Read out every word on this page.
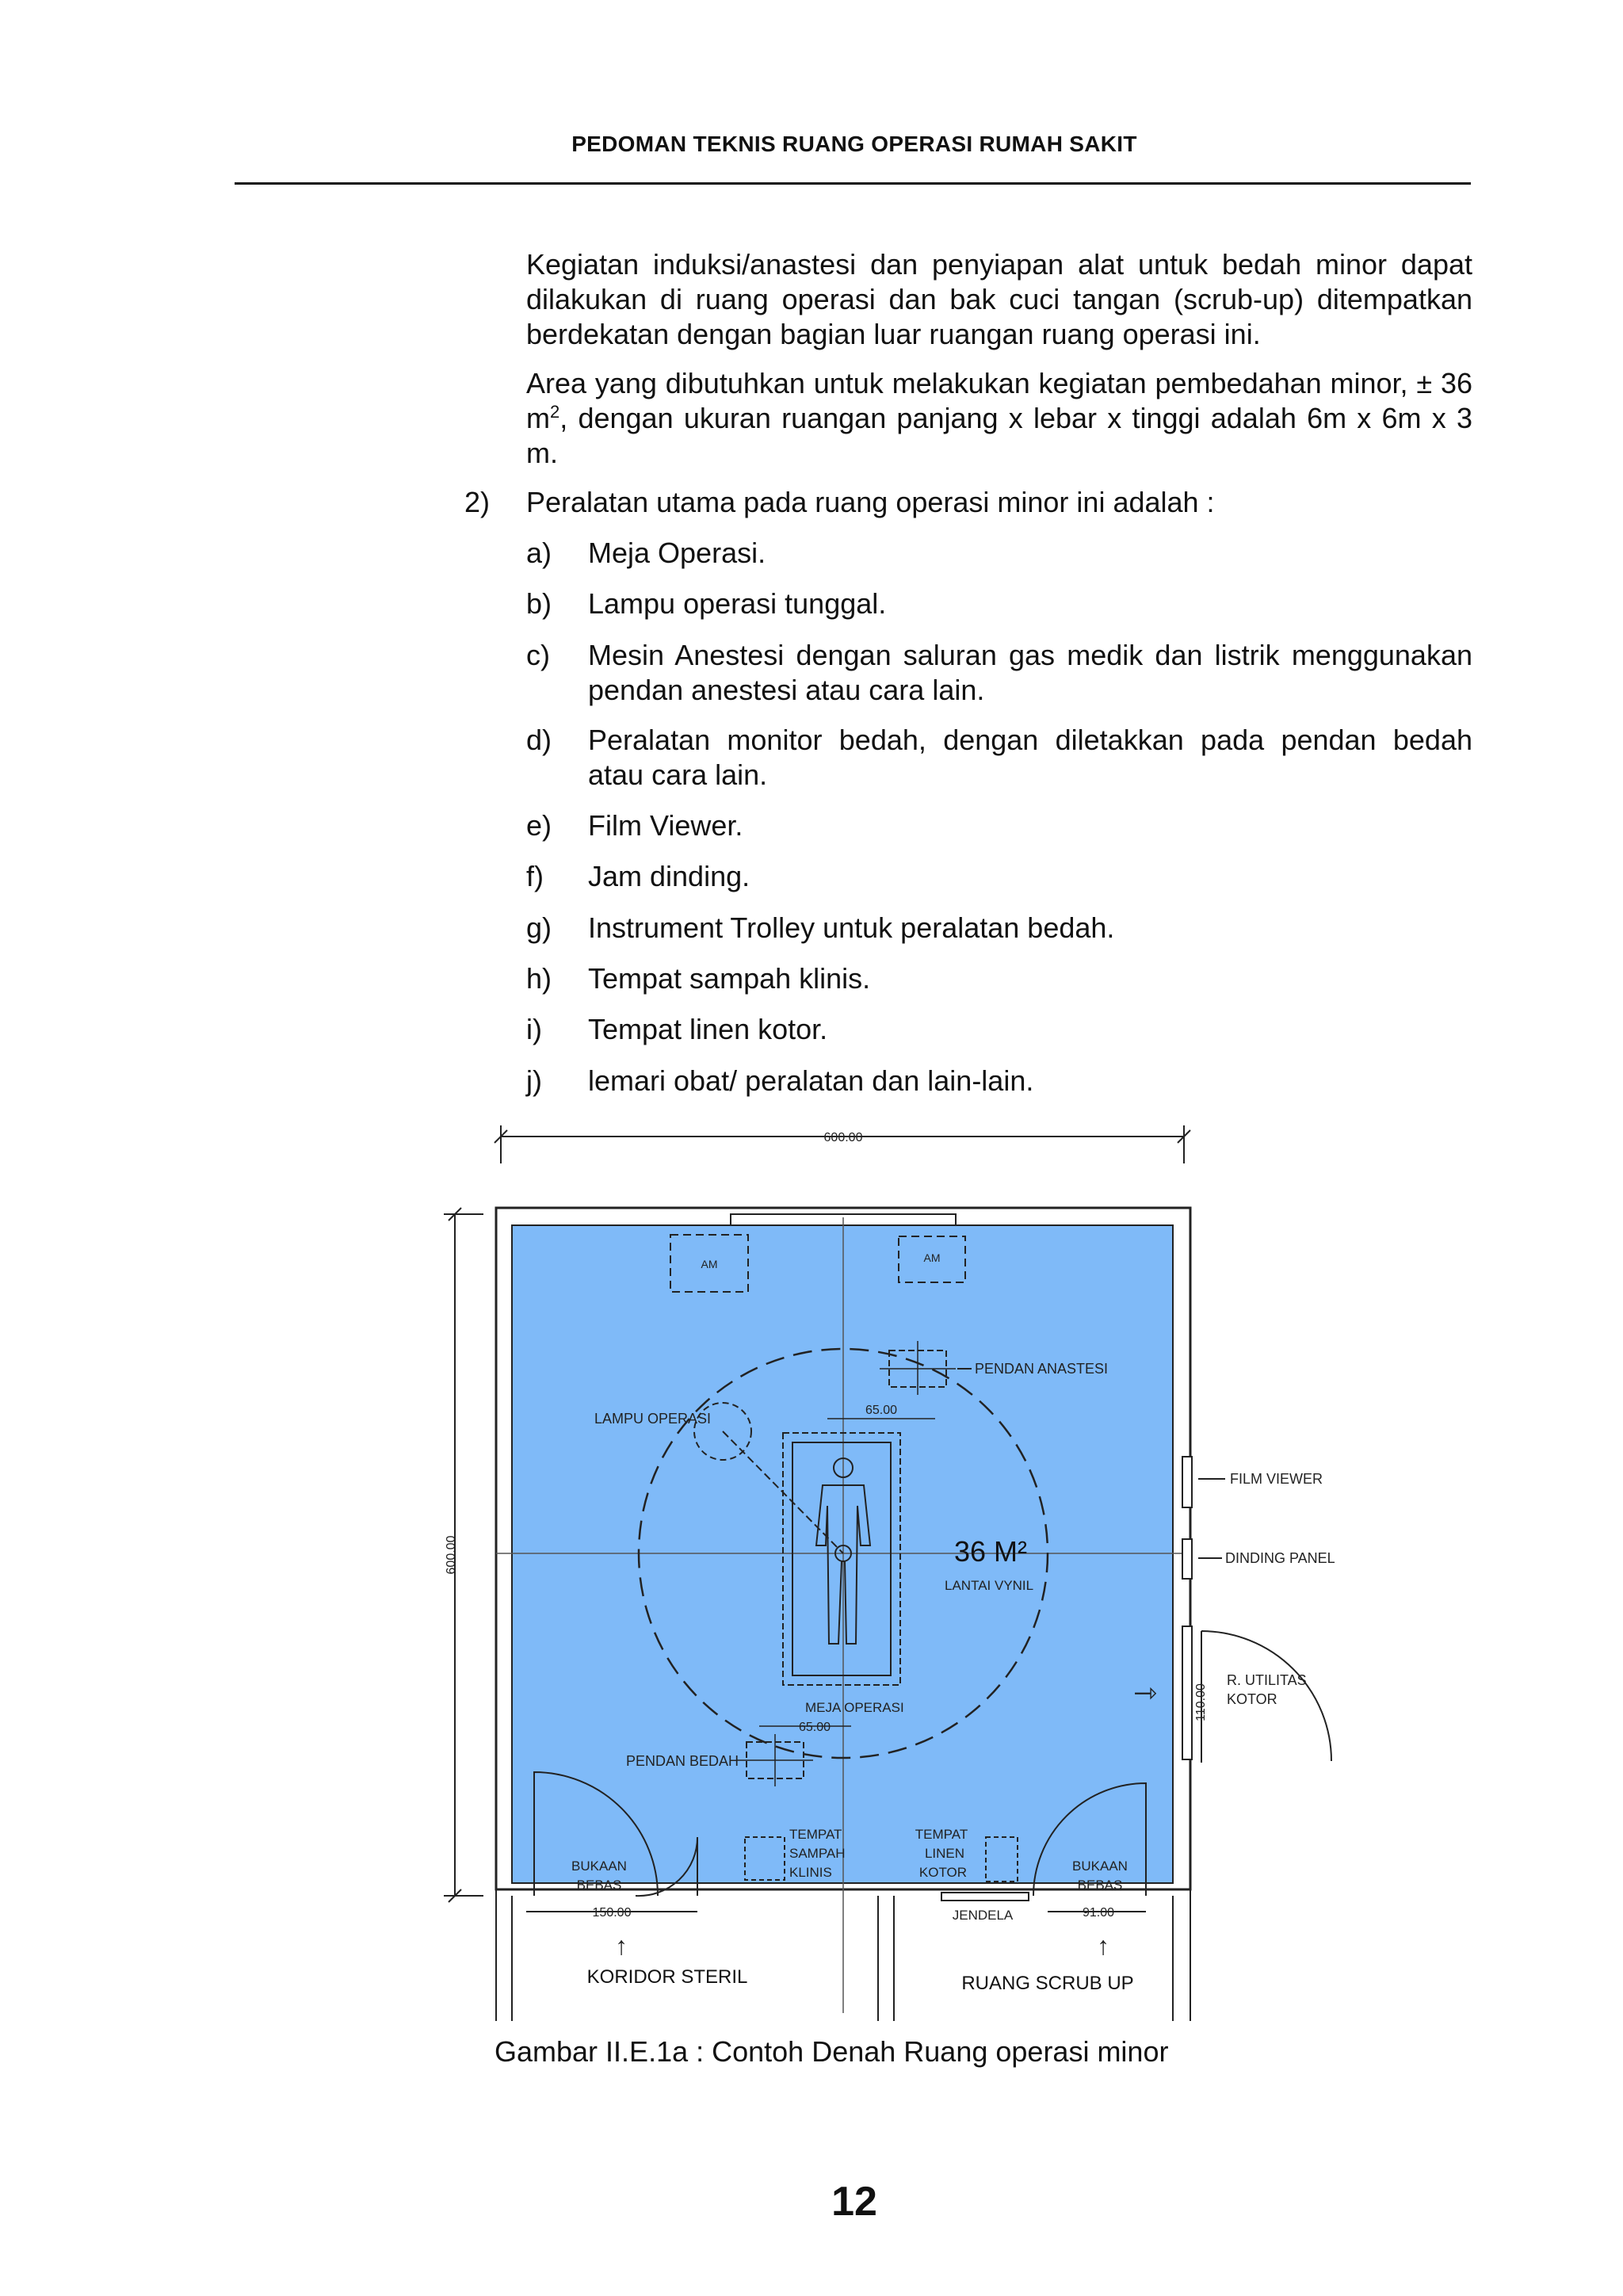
PEDOMAN TEKNIS RUANG OPERASI RUMAH SAKIT
Kegiatan induksi/anastesi dan penyiapan alat untuk bedah minor dapat dilakukan di ruang operasi dan bak cuci tangan (scrub-up) ditempatkan berdekatan dengan bagian luar ruangan ruang operasi ini.
Area yang dibutuhkan untuk melakukan kegiatan pembedahan minor, ± 36 $m^2$, dengan ukuran ruangan panjang x lebar x tinggi adalah 6m x 6m x 3 m.
2) Peralatan utama pada ruang operasi minor ini adalah :
a) Meja Operasi.
b) Lampu operasi tunggal.
c) Mesin Anestesi dengan saluran gas medik dan listrik menggunakan pendan anestesi atau cara lain.
d) Peralatan monitor bedah, dengan diletakkan pada pendan bedah atau cara lain.
e) Film Viewer.
f) Jam dinding.
g) Instrument Trolley untuk peralatan bedah.
h) Tempat sampah klinis.
i) Tempat linen kotor.
j) lemari obat/ peralatan dan lain-lain.
AM	AM
PENDAN ANASTESI
65.00
65.00
LAMPU OPERASI
36 M²
LANTAI VYNIL
MEJA OPERASI
PENDAN BEDAH
FILM VIEWER
DINDING PANEL
⇾	R. UTILITAS
KOTOR
110.00
600.00
600.00
TEMPAT
SAMPAH
KLINIS
TEMPAT
LINEN
KOTOR
BUKAAN
BEBAS
BUKAAN
BEBAS
150.00	91.00
JENDELA
↑	↑
KORIDOR STERIL	RUANG SCRUB UP
Gambar II.E.1a : Contoh Denah Ruang operasi minor
12
